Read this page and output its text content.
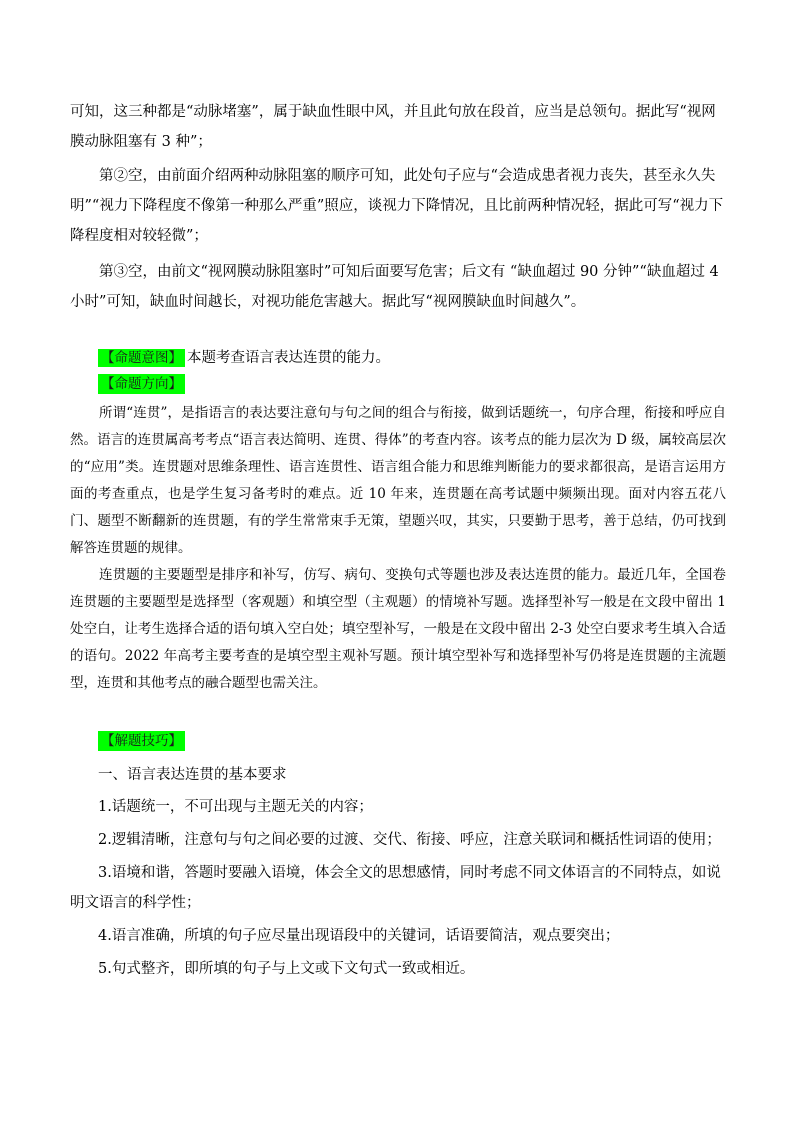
可知，这三种都是“动脉堵塞”，属于缺血性眼中风，并且此句放在段首，应当是总领句。据此写“视网膜动脉阻塞有 3 种”；

第②空，由前面介绍两种动脉阻塞的顺序可知，此处句子应与“会造成患者视力丧失，甚至永久失明”“视力下降程度不像第一种那么严重”照应，谈视力下降情况，且比前两种情况轻，据此可写“视力下降程度相对较轻微”；

第③空，由前文“视网膜动脉阻塞时”可知后面要写危害；后文有 “缺血超过 90 分钟”“缺血超过 4 小时”可知，缺血时间越长，对视功能危害越大。据此写“视网膜缺血时间越久”。

【命题意图】 本题考查语言表达连贯的能力。
【命题方向】

所谓“连贯”，是指语言的表达要注意句与句之间的组合与衔接，做到话题统一，句序合理，衔接和呼应自然。语言的连贯属高考考点“语言表达简明、连贯、得体”的考查内容。该考点的能力层次为 D 级，属较高层次的“应用”类。连贯题对思维条理性、语言连贯性、语言组合能力和思维判断能力的要求都很高，是语言运用方面的考查重点，也是学生复习备考时的难点。近 10 年来，连贯题在高考试题中频频出现。面对内容五花八门、题型不断翻新的连贯题，有的学生常常束手无策，望题兴叹，其实，只要勤于思考，善于总结，仍可找到解答连贯题的规律。

连贯题的主要题型是排序和补写，仿写、病句、变换句式等题也涉及表达连贯的能力。最近几年，全国卷连贯题的主要题型是选择型（客观题）和填空型（主观题）的情境补写题。选择型补写一般是在文段中留出 1 处空白，让考生选择合适的语句填入空白处；填空型补写，一般是在文段中留出 2-3 处空白要求考生填入合适的语句。2022 年高考主要考查的是填空型主观补写题。预计填空型补写和选择型补写仍将是连贯题的主流题型，连贯和其他考点的融合题型也需关注。

【解题技巧】
一、语言表达连贯的基本要求
1.话题统一，不可出现与主题无关的内容；
2.逻辑清晰，注意句与句之间必要的过渡、交代、衔接、呼应，注意关联词和概括性词语的使用；
3.语境和谐，答题时要融入语境，体会全文的思想感情，同时考虑不同文体语言的不同特点，如说明文语言的科学性；
4.语言准确，所填的句子应尽量出现语段中的关键词，话语要简洁，观点要突出；
5.句式整齐，即所填的句子与上文或下文句式一致或相近。
